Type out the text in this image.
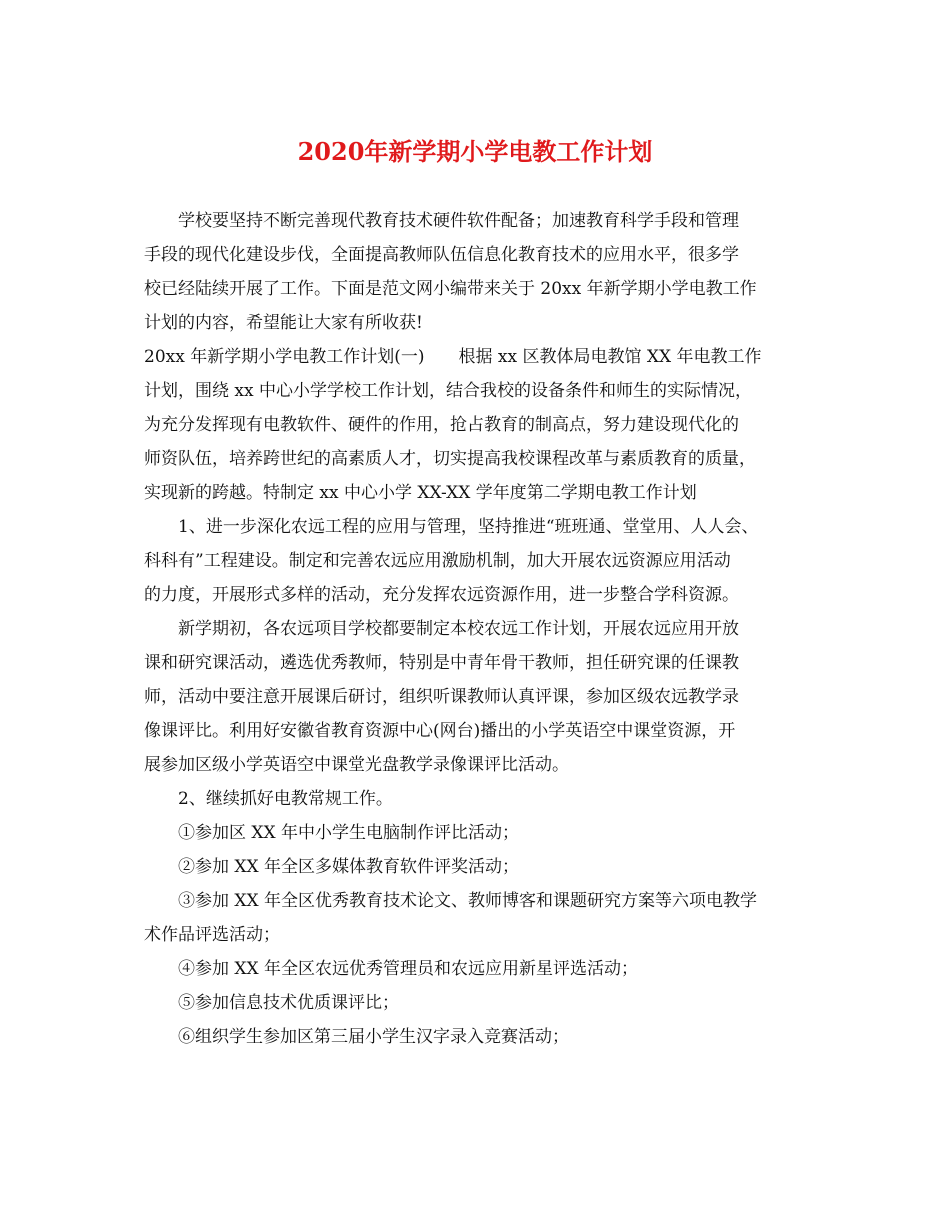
2020年新学期小学电教工作计划

　　学校要坚持不断完善现代教育技术硬件软件配备；加速教育科学手段和管理

手段的现代化建设步伐，全面提高教师队伍信息化教育技术的应用水平，很多学

校已经陆续开展了工作。下面是范文网小编带来关于 20xx 年新学期小学电教工作

计划的内容，希望能让大家有所收获!

20xx 年新学期小学电教工作计划(一)　　根据 xx 区教体局电教馆 XX 年电教工作

计划，围绕 xx 中心小学学校工作计划，结合我校的设备条件和师生的实际情况，

为充分发挥现有电教软件、硬件的作用，抢占教育的制高点，努力建设现代化的

师资队伍，培养跨世纪的高素质人才，切实提高我校课程改革与素质教育的质量，

实现新的跨越。特制定 xx 中心小学 XX-XX 学年度第二学期电教工作计划

　　1、进一步深化农远工程的应用与管理，坚持推进“班班通、堂堂用、人人会、

科科有”工程建设。制定和完善农远应用激励机制，加大开展农远资源应用活动

的力度，开展形式多样的活动，充分发挥农远资源作用，进一步整合学科资源。

　　新学期初，各农远项目学校都要制定本校农远工作计划，开展农远应用开放

课和研究课活动，遴选优秀教师，特别是中青年骨干教师，担任研究课的任课教

师，活动中要注意开展课后研讨，组织听课教师认真评课，参加区级农远教学录

像课评比。利用好安徽省教育资源中心(网台)播出的小学英语空中课堂资源，开

展参加区级小学英语空中课堂光盘教学录像课评比活动。

　　2、继续抓好电教常规工作。

　　①参加区 XX 年中小学生电脑制作评比活动；

　　②参加 XX 年全区多媒体教育软件评奖活动；

　　③参加 XX 年全区优秀教育技术论文、教师博客和课题研究方案等六项电教学

术作品评选活动；

　　④参加 XX 年全区农远优秀管理员和农远应用新星评选活动；

　　⑤参加信息技术优质课评比；

　　⑥组织学生参加区第三届小学生汉字录入竞赛活动；
